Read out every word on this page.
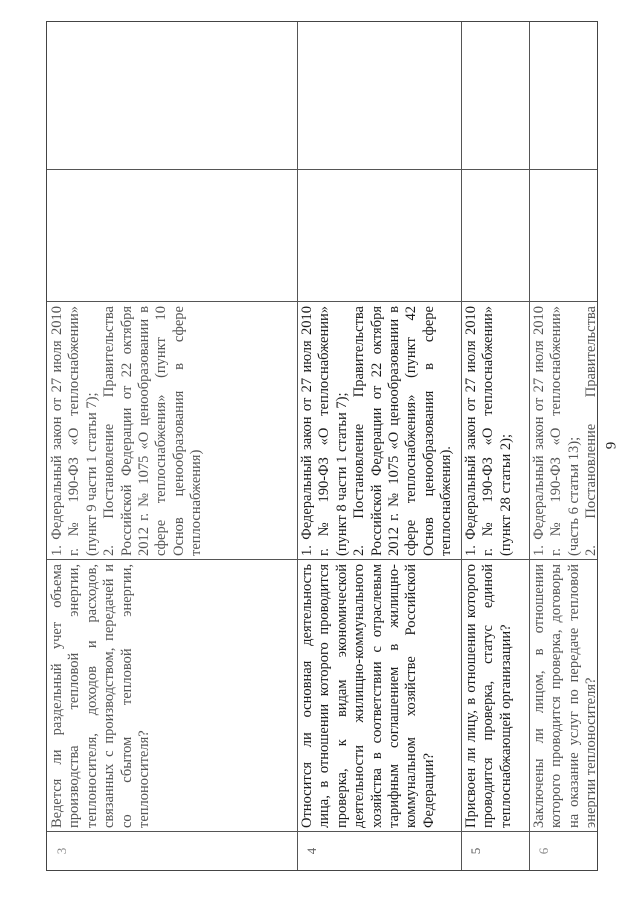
9
3
Ведется ли раздельный учет объема производства тепловой энергии, теплоносителя, доходов и расходов, связанных с производством, передачей и со сбытом тепловой энергии, теплоносителя?

1. Федеральный закон от 27 июля 2010 г. № 190-ФЗ «О теплоснабжении» (пункт 9 части 1 статьи 7); 2. Постановление Правительства Российской Федерации от 22 октября 2012 г. № 1075 «О ценообразовании в сфере теплоснабжения» (пункт 10 Основ ценообразования в сфере теплоснабжения)

4
Относится ли основная деятельность лица, в отношении которого проводится проверка, к видам экономической деятельности жилищно-коммунального хозяйства в соответствии с отраслевым тарифным соглашением в жилищно-коммунальном хозяйстве Российской Федерации?

1. Федеральный закон от 27 июля 2010 г. № 190-ФЗ «О теплоснабжении» (пункт 8 части 1 статьи 7); 2. Постановление Правительства Российской Федерации от 22 октября 2012 г. № 1075 «О ценообразовании в сфере теплоснабжения» (пункт 42 Основ ценообразования в сфере теплоснабжения).

5
Присвоен ли лицу, в отношении которого проводится проверка, статус единой теплоснабжающей организации?

1. Федеральный закон от 27 июля 2010 г. № 190-ФЗ «О теплоснабжении» (пункт 28 статьи 2);

6
Заключены ли лицом, в отношении которого проводится проверка, договоры на оказание услуг по передаче тепловой энергии теплоносителя?

1. Федеральный закон от 27 июля 2010 г. № 190-ФЗ «О теплоснабжении» (часть 6 статьи 13); 2. Постановление Правительства
